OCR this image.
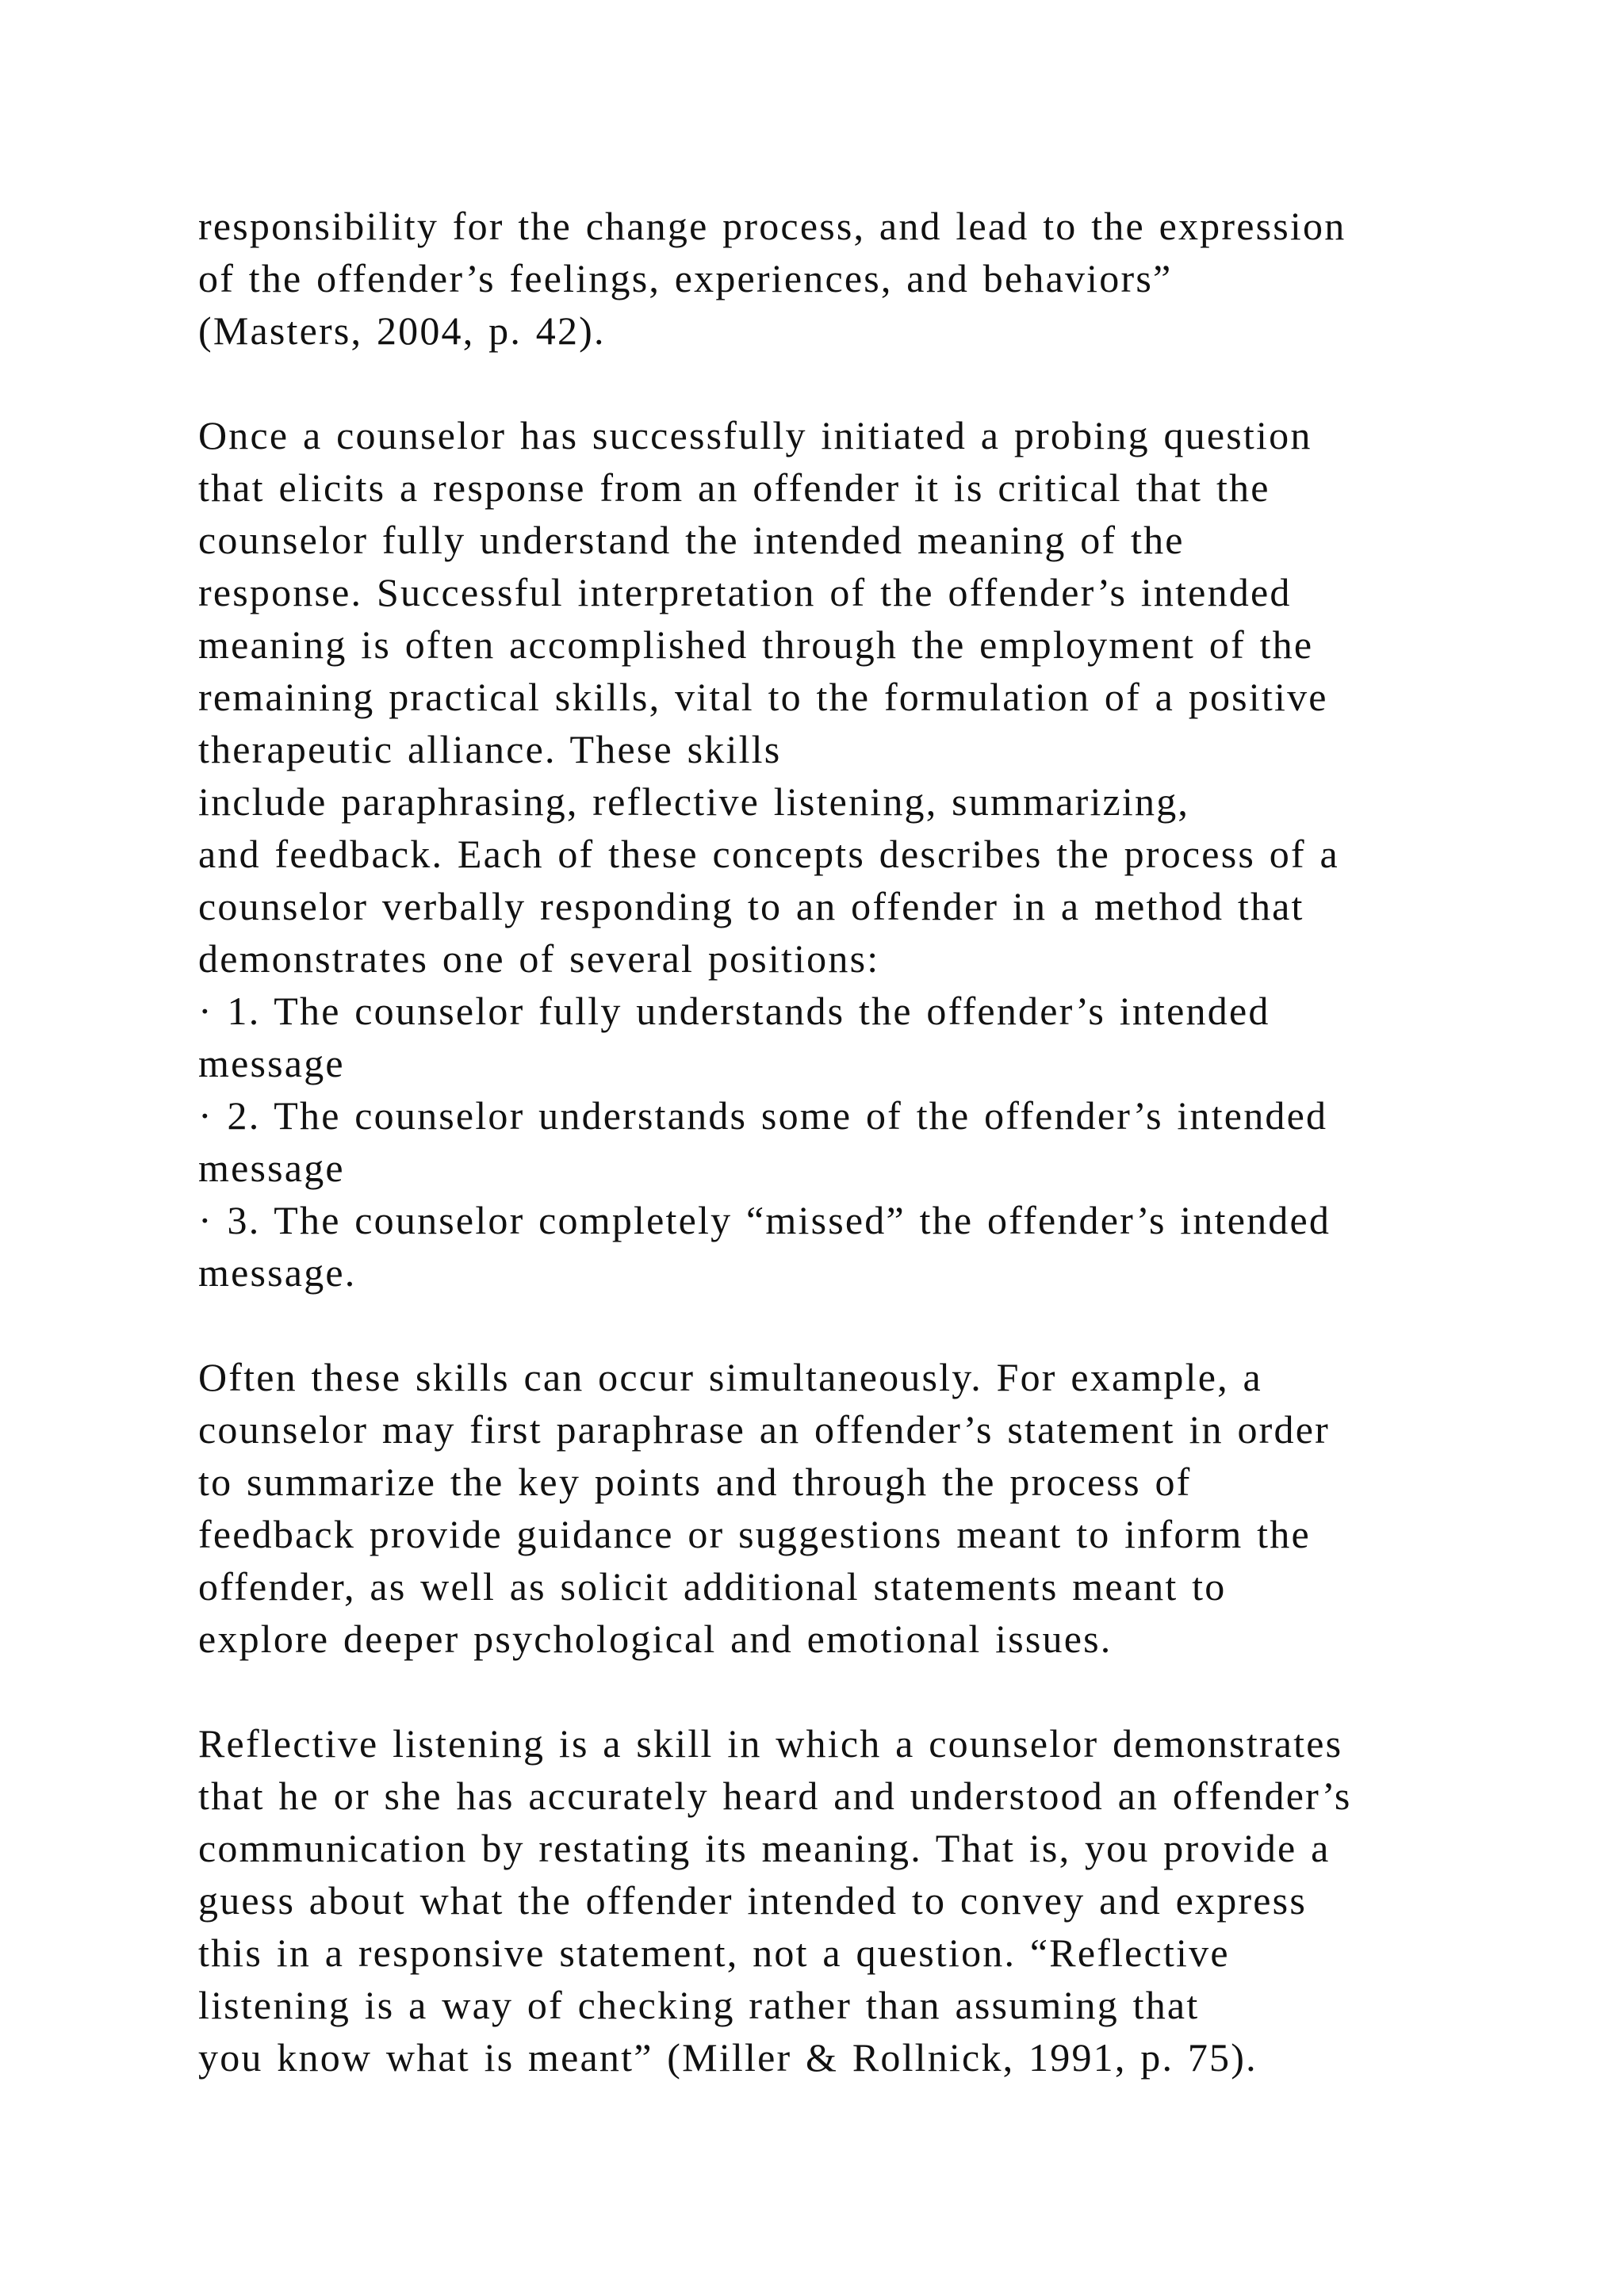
responsibility for the change process, and lead to the expression
of the offender’s feelings, experiences, and behaviors”
(Masters, 2004, p. 42).
Once a counselor has successfully initiated a probing question
that elicits a response from an offender it is critical that the
counselor fully understand the intended meaning of the
response. Successful interpretation of the offender’s intended
meaning is often accomplished through the employment of the
remaining practical skills, vital to the formulation of a positive
therapeutic alliance. These skills
include paraphrasing, reflective listening, summarizing,
and feedback. Each of these concepts describes the process of a
counselor verbally responding to an offender in a method that
demonstrates one of several positions:
· 1. The counselor fully understands the offender’s intended
message
· 2. The counselor understands some of the offender’s intended
message
· 3. The counselor completely “missed” the offender’s intended
message.
Often these skills can occur simultaneously. For example, a
counselor may first paraphrase an offender’s statement in order
to summarize the key points and through the process of
feedback provide guidance or suggestions meant to inform the
offender, as well as solicit additional statements meant to
explore deeper psychological and emotional issues.
Reflective listening is a skill in which a counselor demonstrates
that he or she has accurately heard and understood an offender’s
communication by restating its meaning. That is, you provide a
guess about what the offender intended to convey and express
this in a responsive statement, not a question. “Reflective
listening is a way of checking rather than assuming that
you know what is meant” (Miller & Rollnick, 1991, p. 75).
